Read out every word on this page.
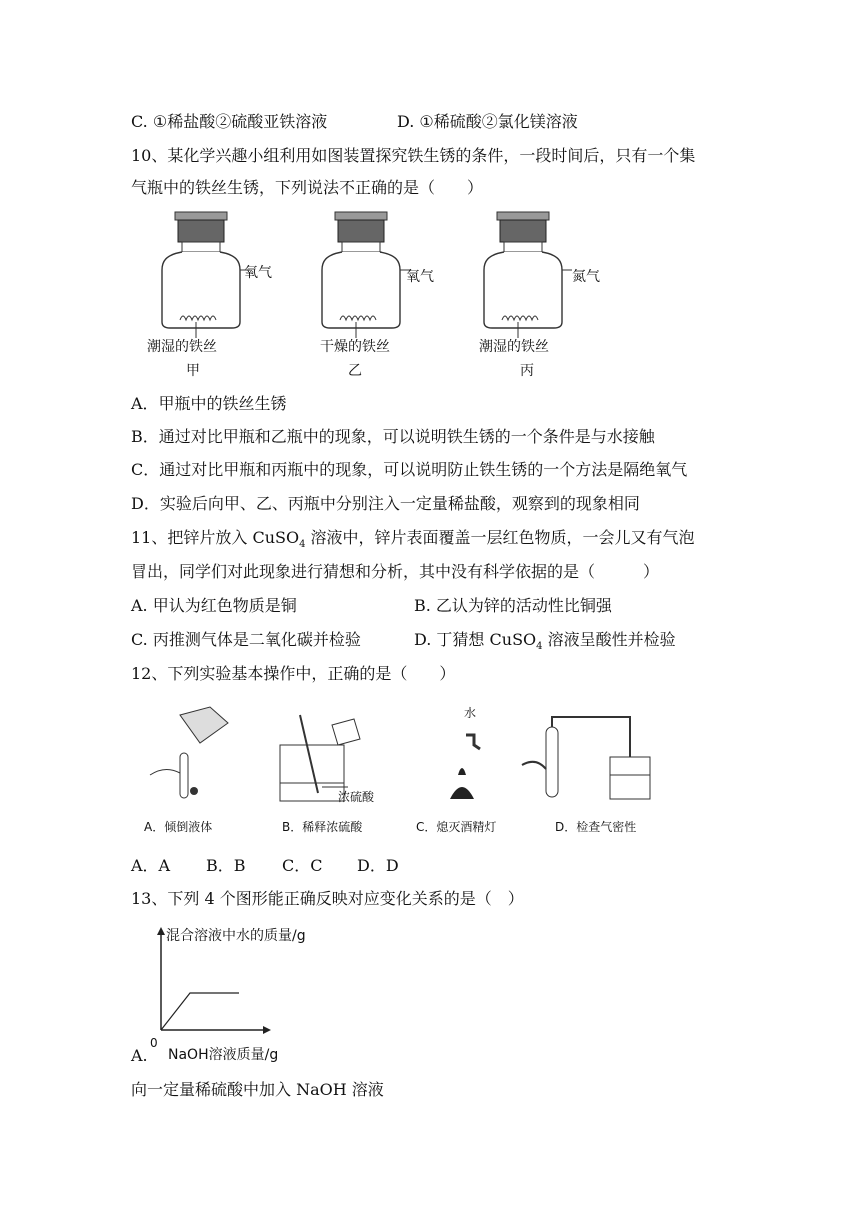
C. ①稀盐酸②硫酸亚铁溶液	D. ①稀硫酸②氯化镁溶液
10、某化学兴趣小组利用如图装置探究铁生锈的条件，一段时间后，只有一个集
气瓶中的铁丝生锈，下列说法不正确的是（　　）
氧气	氧气	氮气
潮湿的铁丝	干燥的铁丝	潮湿的铁丝
甲	乙	丙
A．甲瓶中的铁丝生锈
B．通过对比甲瓶和乙瓶中的现象，可以说明铁生锈的一个条件是与水接触
C．通过对比甲瓶和丙瓶中的现象，可以说明防止铁生锈的一个方法是隔绝氧气
D．实验后向甲、乙、丙瓶中分别注入一定量稀盐酸，观察到的现象相同
11、把锌片放入 CuSO$_4$ 溶液中，锌片表面覆盖一层红色物质，一会儿又有气泡
冒出，同学们对此现象进行猜想和分析，其中没有科学依据的是（　　　）
A. 甲认为红色物质是铜	B. 乙认为锌的活动性比铜强
C. 丙推测气体是二氧化碳并检验	D. 丁猜想 CuSO$_4$ 溶液呈酸性并检验
12、下列实验基本操作中，正确的是（　　）
水
浓硫酸
A．倾倒液体	B．稀释浓硫酸	C．熄灭酒精灯	D．检查气密性
A．A B．B C．C D．D
13、下列 4 个图形能正确反映对应变化关系的是（　）
混合溶液中水的质量/g
0
NaOH溶液质量/g
A.
向一定量稀硫酸中加入 NaOH 溶液
